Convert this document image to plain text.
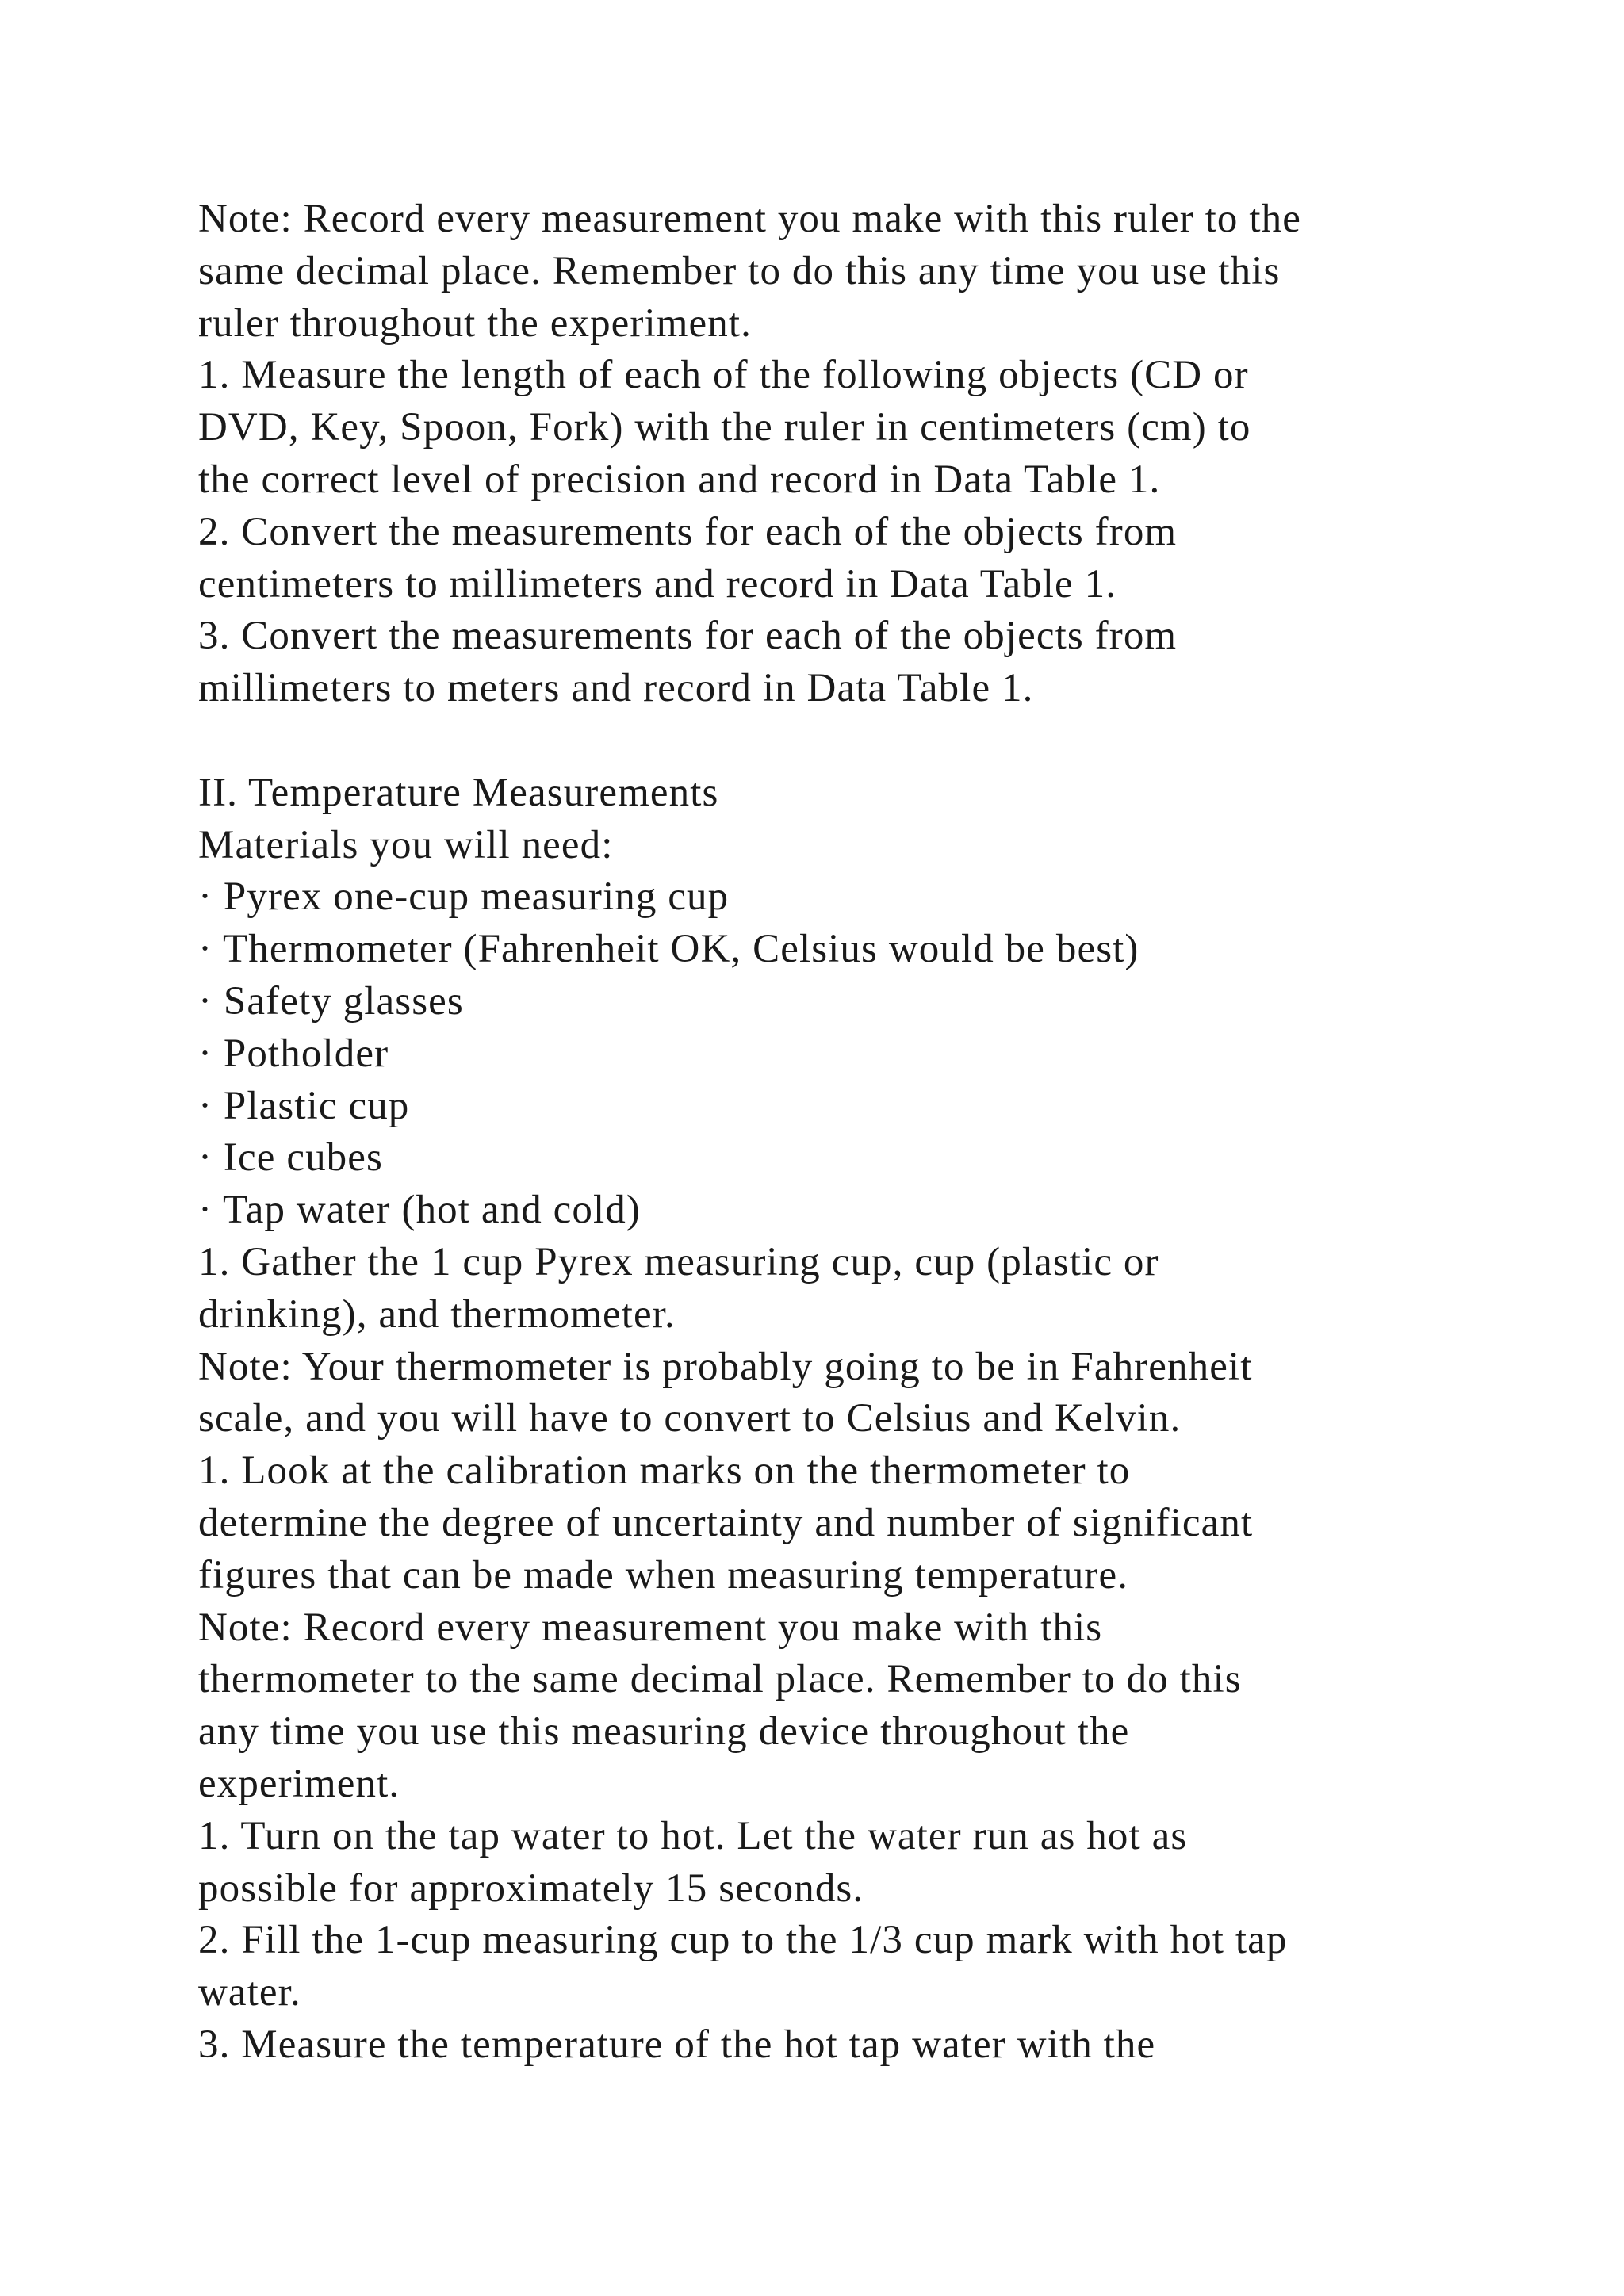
Note: Record every measurement you make with this ruler to the
same decimal place. Remember to do this any time you use this
ruler throughout the experiment.
1. Measure the length of each of the following objects (CD or
DVD, Key, Spoon, Fork) with the ruler in centimeters (cm) to
the correct level of precision and record in Data Table 1.
2. Convert the measurements for each of the objects from
centimeters to millimeters and record in Data Table 1.
3. Convert the measurements for each of the objects from
millimeters to meters and record in Data Table 1.
II. Temperature Measurements
Materials you will need:
· Pyrex one-cup measuring cup
· Thermometer (Fahrenheit OK, Celsius would be best)
· Safety glasses
· Potholder
· Plastic cup
· Ice cubes
· Tap water (hot and cold)
1. Gather the 1 cup Pyrex measuring cup, cup (plastic or
drinking), and thermometer.
Note: Your thermometer is probably going to be in Fahrenheit
scale, and you will have to convert to Celsius and Kelvin.
1. Look at the calibration marks on the thermometer to
determine the degree of uncertainty and number of significant
figures that can be made when measuring temperature.
Note: Record every measurement you make with this
thermometer to the same decimal place. Remember to do this
any time you use this measuring device throughout the
experiment.
1. Turn on the tap water to hot. Let the water run as hot as
possible for approximately 15 seconds.
2. Fill the 1-cup measuring cup to the 1/3 cup mark with hot tap
water.
3. Measure the temperature of the hot tap water with the
